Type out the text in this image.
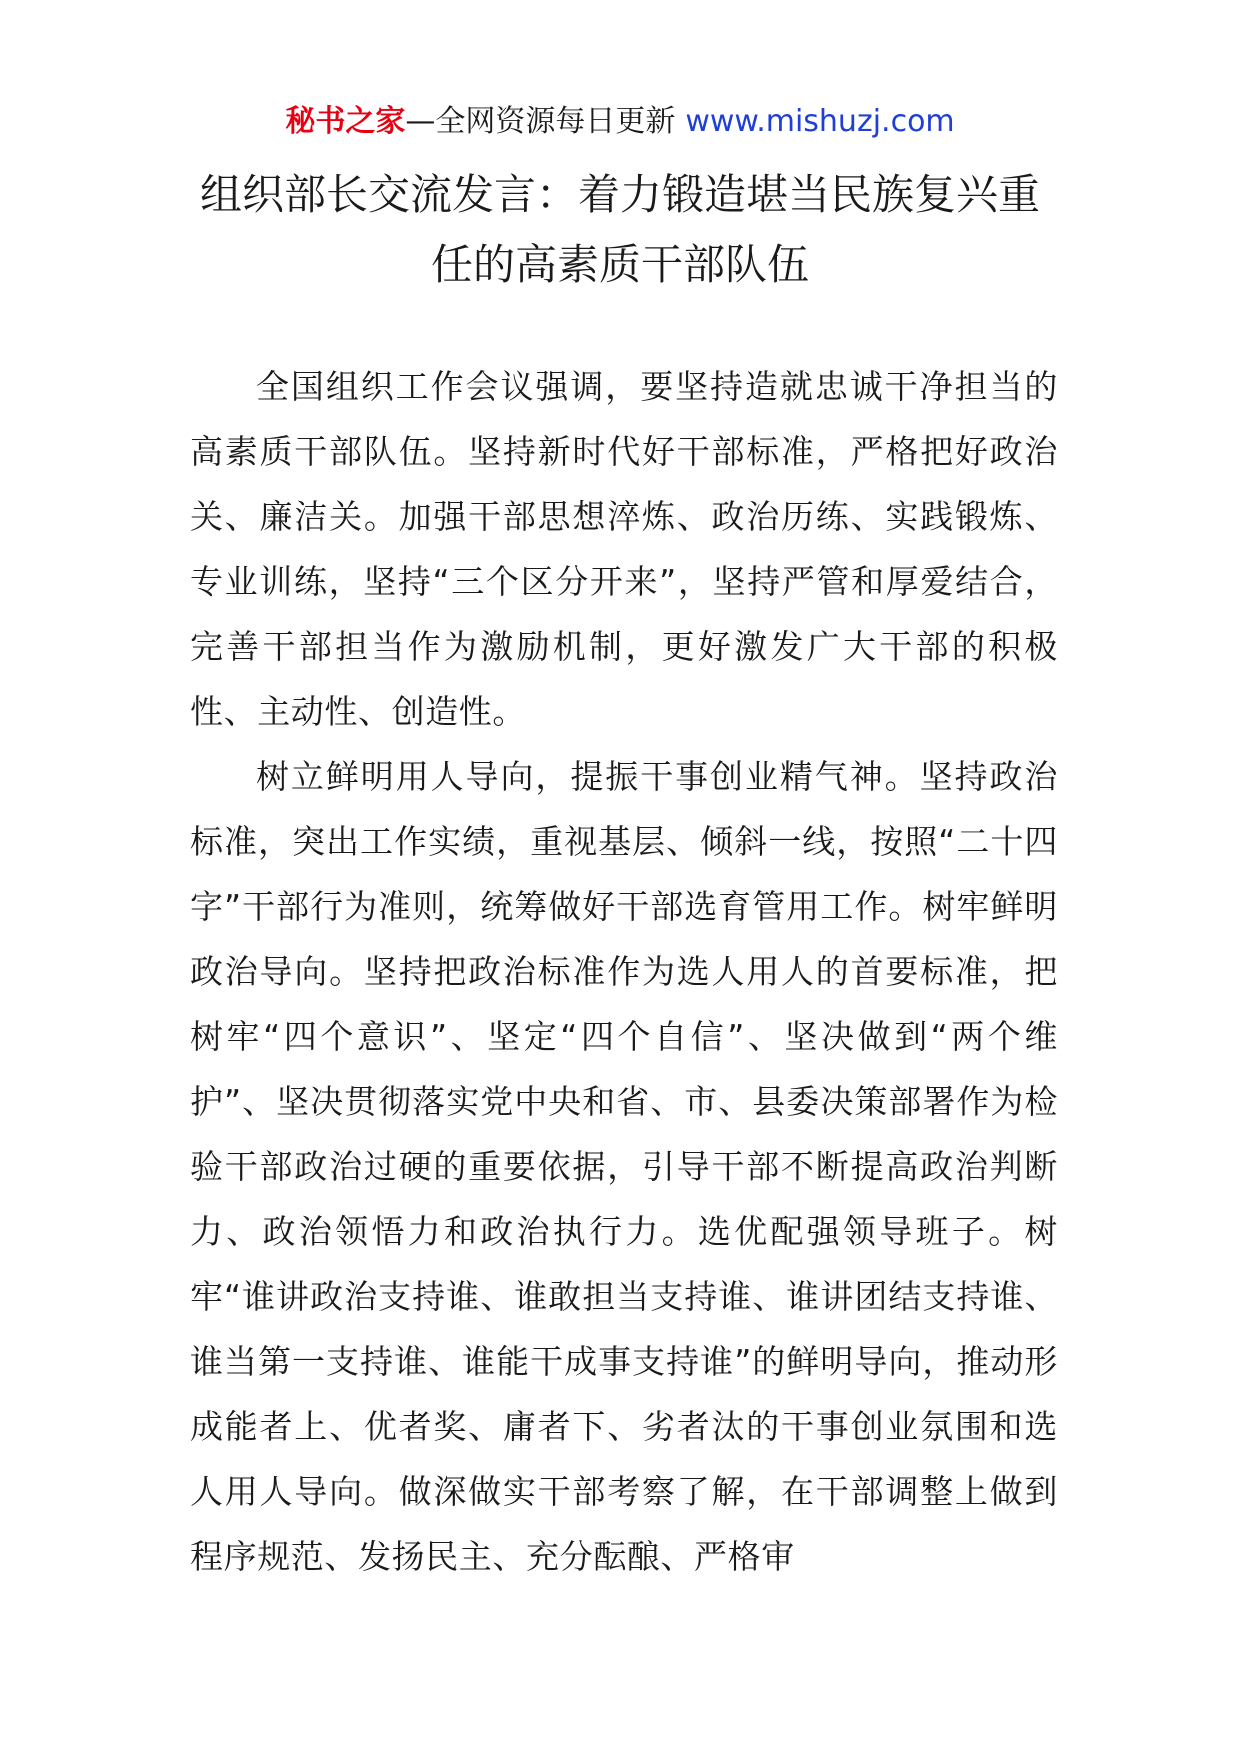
秘书之家—全网资源每日更新 www.mishuzj.com
组织部长交流发言：着力锻造堪当民族复兴重
任的高素质干部队伍

全国组织工作会议强调，要坚持造就忠诚干净担当的高素质干部队伍。坚持新时代好干部标准，严格把好政治关、廉洁关。加强干部思想淬炼、政治历练、实践锻炼、专业训练，坚持“三个区分开来”，坚持严管和厚爱结合，完善干部担当作为激励机制，更好激发广大干部的积极性、主动性、创造性。

树立鲜明用人导向，提振干事创业精气神。坚持政治标准，突出工作实绩，重视基层、倾斜一线，按照“二十四字”干部行为准则，统筹做好干部选育管用工作。树牢鲜明政治导向。坚持把政治标准作为选人用人的首要标准，把树牢“四个意识”、坚定“四个自信”、坚决做到“两个维护”、坚决贯彻落实党中央和省、市、县委决策部署作为检验干部政治过硬的重要依据，引导干部不断提高政治判断力、政治领悟力和政治执行力。选优配强领导班子。树牢“谁讲政治支持谁、谁敢担当支持谁、谁讲团结支持谁、谁当第一支持谁、谁能干成事支持谁”的鲜明导向，推动形成能者上、优者奖、庸者下、劣者汰的干事创业氛围和选人用人导向。做深做实干部考察了解，在干部调整上做到程序规范、发扬民主、充分酝酿、严格审
